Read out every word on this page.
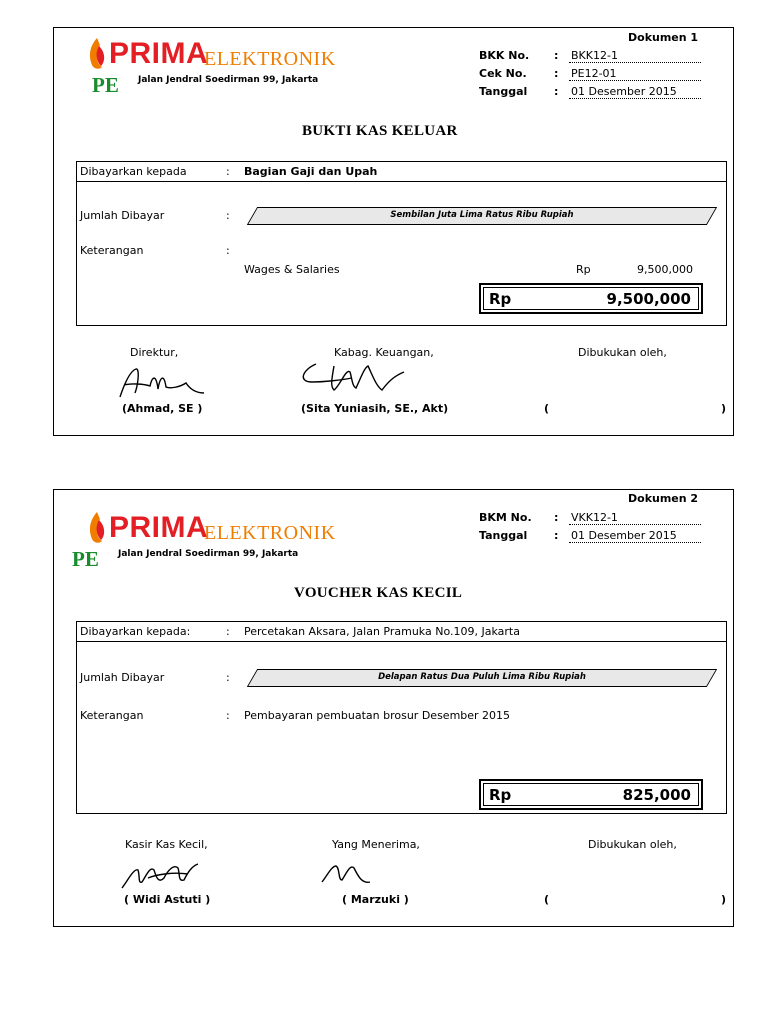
Dokumen 1
PRIMA
ELEKTRONIK
PE Jalan Jendral Soedirman 99, Jakarta
BKK No. : BKK12-1
Cek No. : PE12-01
Tanggal : 01 Desember 2015
BUKTI KAS KELUAR
Dibayarkan kepada	: Bagian Gaji dan Upah
Jumlah Dibayar	:	Sembilan Juta Lima Ratus Ribu Rupiah
Keterangan	:
Wages & Salaries	Rp	9,500,000
Rp	9,500,000
Direktur,	Kabag. Keuangan,	Dibukukan oleh,
(Ahmad, SE )	(Sita Yuniasih, SE., Akt)	(	)
Dokumen 2
PRIMA
ELEKTRONIK
PE Jalan Jendral Soedirman 99, Jakarta
BKM No. : VKK12-1
Tanggal : 01 Desember 2015
VOUCHER KAS KECIL
Dibayarkan kepada:	: Percetakan Aksara, Jalan Pramuka No.109, Jakarta
Jumlah Dibayar	:	Delapan Ratus Dua Puluh Lima Ribu Rupiah
Keterangan	: Pembayaran pembuatan brosur Desember 2015
Rp	825,000
Kasir Kas Kecil,	Yang Menerima,	Dibukukan oleh,
( Widi Astuti )	( Marzuki )	(	)
